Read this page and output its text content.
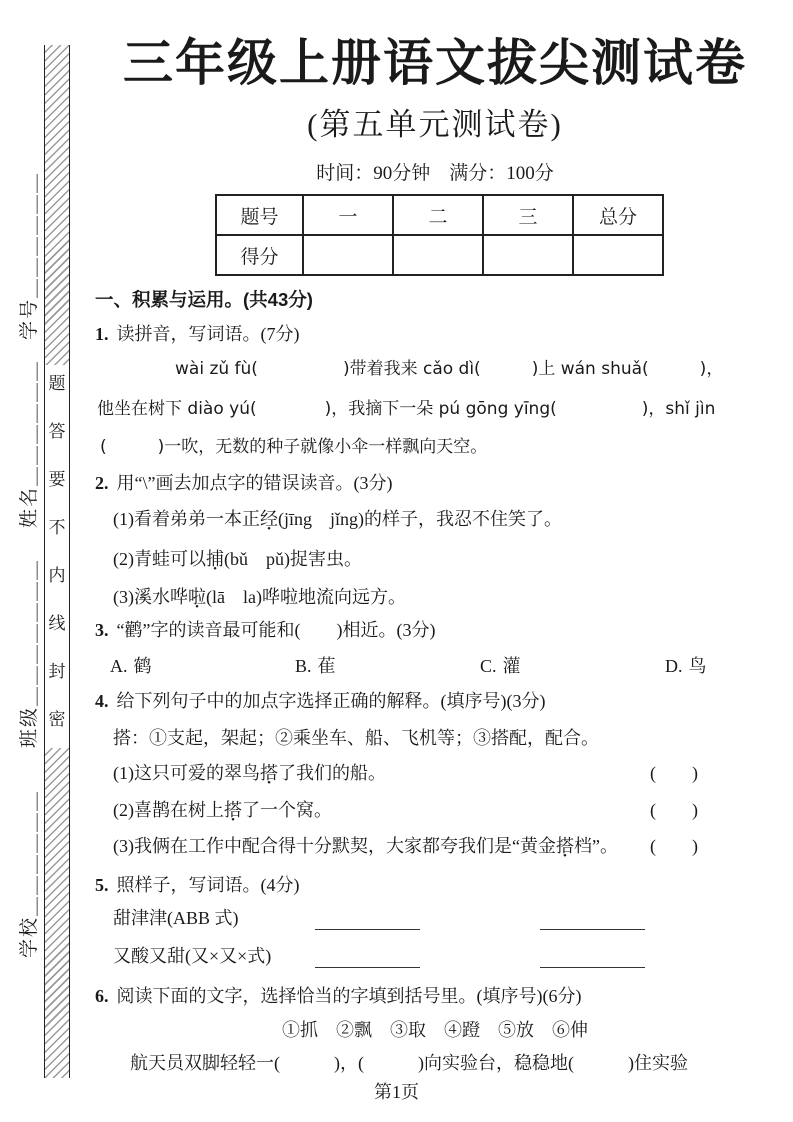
学号＿＿＿＿＿＿
姓名＿＿＿＿＿＿
班级＿＿＿＿＿＿＿
学校＿＿＿＿＿＿
题
答
要
不
内
线
封
密
三年级上册语文拔尖测试卷
(第五单元测试卷)
时间：90分钟　满分：100分
题号	一	二	三	总分
得分				
一、积累与运用。(共43分)
1. 读拼音，写词语。(7分)
wài zǔ fù(　　　　　)带着我来 cǎo dì(　　　)上 wán shuǎ(　　　)，
他坐在树下 diào yú(　　　　)，我摘下一朵 pú gōng yīng(　　　　　)，shǐ jìn
(　　　)一吹，无数的种子就像小伞一样飘向天空。
2. 用“\”画去加点字的错误读音。(3分)
(1)看着弟弟一本正经(jīng　jǐng)的样子，我忍不住笑了。
(2)青蛙可以捕(bǔ　pǔ)捉害虫。
(3)溪水哗啦(lā　la)哗啦地流向远方。
3. “鹳”字的读音最可能和(　　)相近。(3分)
A. 鹤	B. 萑	C. 灌	D. 鸟
4. 给下列句子中的加点字选择正确的解释。(填序号)(3分)
搭：①支起，架起；②乘坐车、船、飞机等；③搭配，配合。
(1)这只可爱的翠鸟搭了我们的船。	(　　)
(2)喜鹊在树上搭了一个窝。	(　　)
(3)我俩在工作中配合得十分默契，大家都夸我们是“黄金搭档”。 (　　)
5. 照样子，写词语。(4分)
甜津津(ABB 式)
又酸又甜(又×又×式)
6. 阅读下面的文字，选择恰当的字填到括号里。(填序号)(6分)
①抓　②飘　③取　④蹬　⑤放　⑥伸
航天员双脚轻轻一(　　　)，(　　　)向实验台，稳稳地(　　　)住实验
第1页
